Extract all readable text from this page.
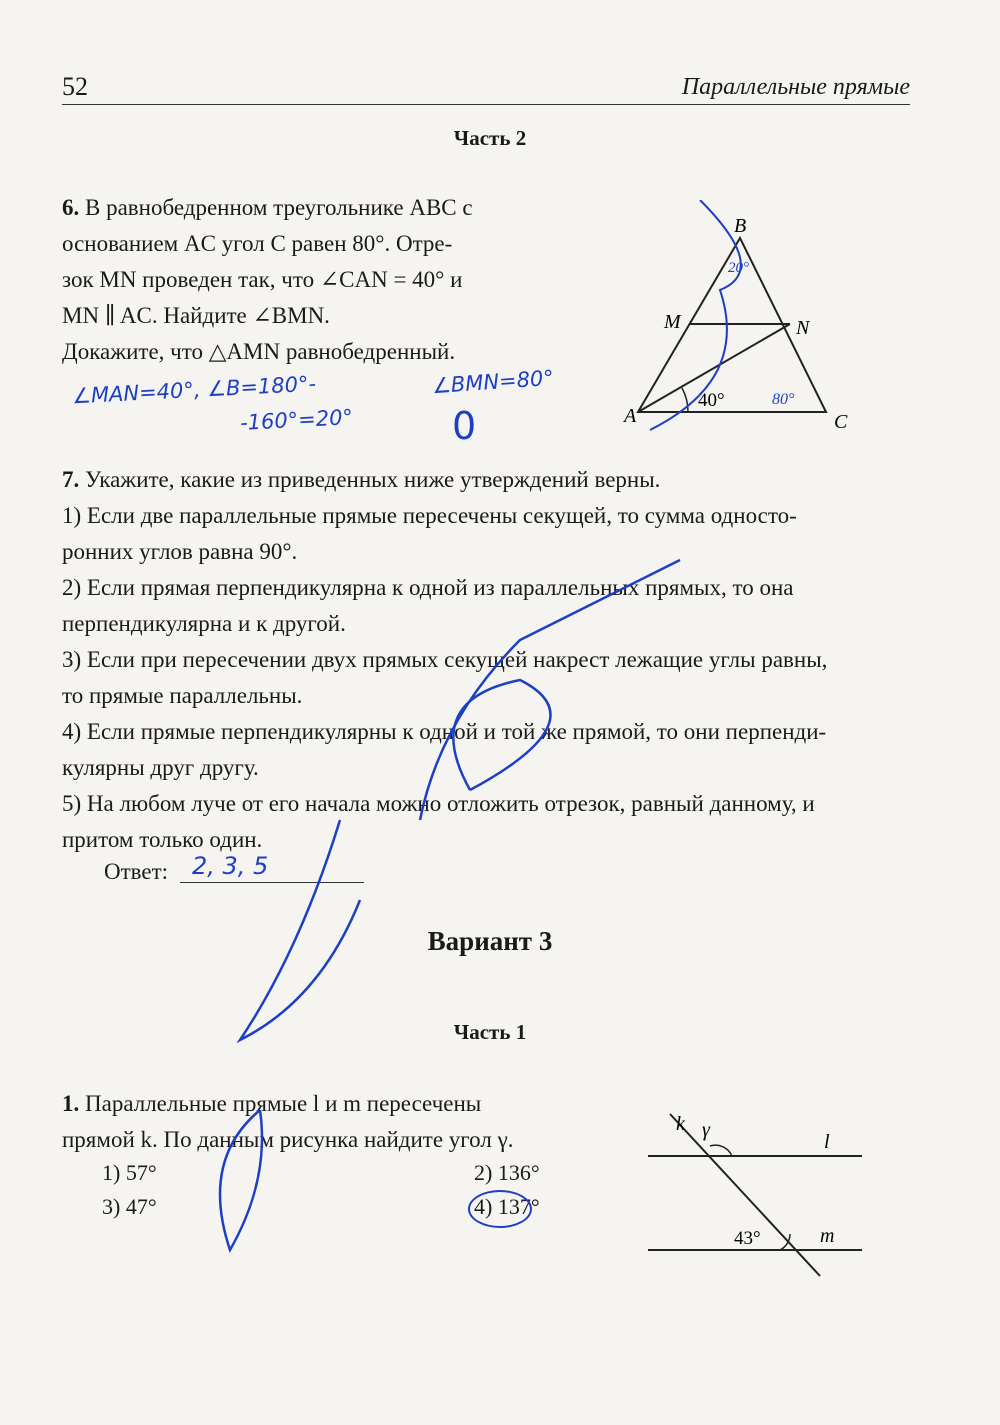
52	Параллельные прямые
Часть 2
6. В равнобедренном треугольнике ABC с
основанием AC угол C равен 80°. Отре-
зок MN проведен так, что ∠CAN = 40° и
MN ∥ AC. Найдите ∠BMN.
Докажите, что △AMN равнобедренный.
∠MAN=40°, ∠B=180°-	∠BMN=80°
-160°=20°	0
B
M	N
A	C
40°	80°
20°
7. Укажите, какие из приведенных ниже утверждений верны.
1) Если две параллельные прямые пересечены секущей, то сумма односто-
ронних углов равна 90°.
2) Если прямая перпендикулярна к одной из параллельных прямых, то она
перпендикулярна и к другой.
3) Если при пересечении двух прямых секущей накрест лежащие углы равны,
то прямые параллельны.
4) Если прямые перпендикулярны к одной и той же прямой, то они перпенди-
кулярны друг другу.
5) На любом луче от его начала можно отложить отрезок, равный данному, и
притом только один.
Ответ: 2, 3, 5
Вариант 3
Часть 1
1. Параллельные прямые l и m пересечены
прямой k. По данным рисунка найдите угол γ.
1) 57°	2) 136°
3) 47°	4) 137°
k γ
l
m
43°
